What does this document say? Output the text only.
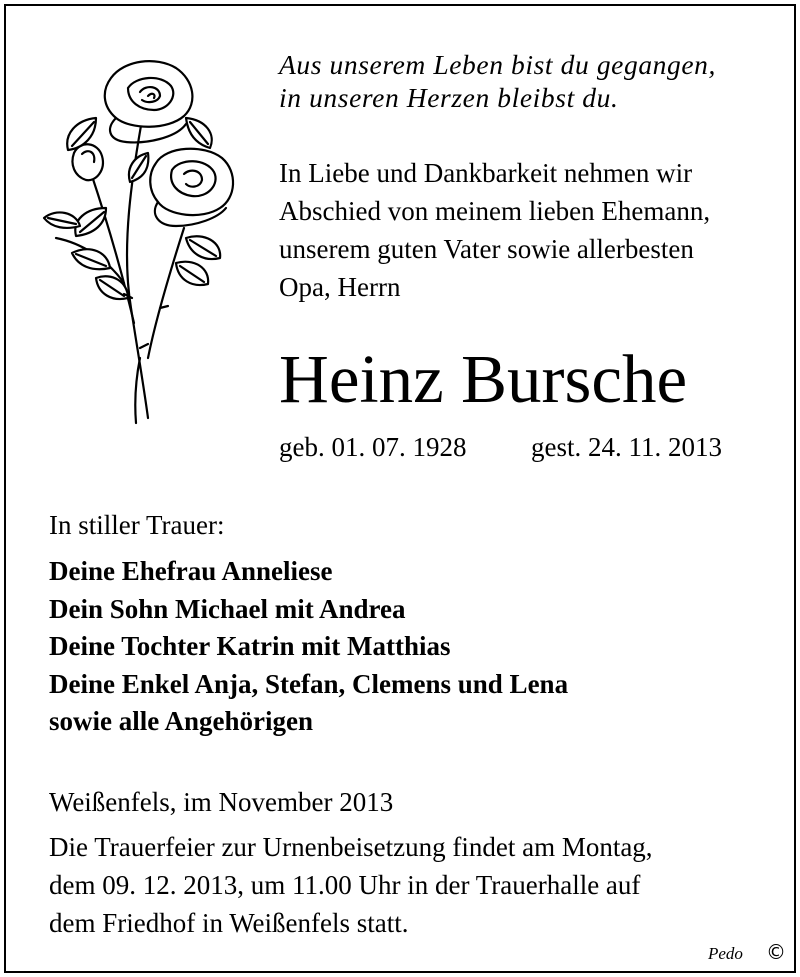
Aus unserem Leben bist du gegangen,
in unseren Herzen bleibst du.
In Liebe und Dankbarkeit nehmen wir
Abschied von meinem lieben Ehemann,
unserem guten Vater sowie allerbesten
Opa, Herrn
Heinz Bursche
geb. 01. 07. 1928 gest. 24. 11. 2013
In stiller Trauer:
Deine Ehefrau Anneliese
Dein Sohn Michael mit Andrea
Deine Tochter Katrin mit Matthias
Deine Enkel Anja, Stefan, Clemens und Lena
sowie alle Angehörigen
Weißenfels, im November 2013
Die Trauerfeier zur Urnenbeisetzung findet am Montag,
dem 09. 12. 2013, um 11.00 Uhr in der Trauerhalle auf
dem Friedhof in Weißenfels statt.
Pedo ©
